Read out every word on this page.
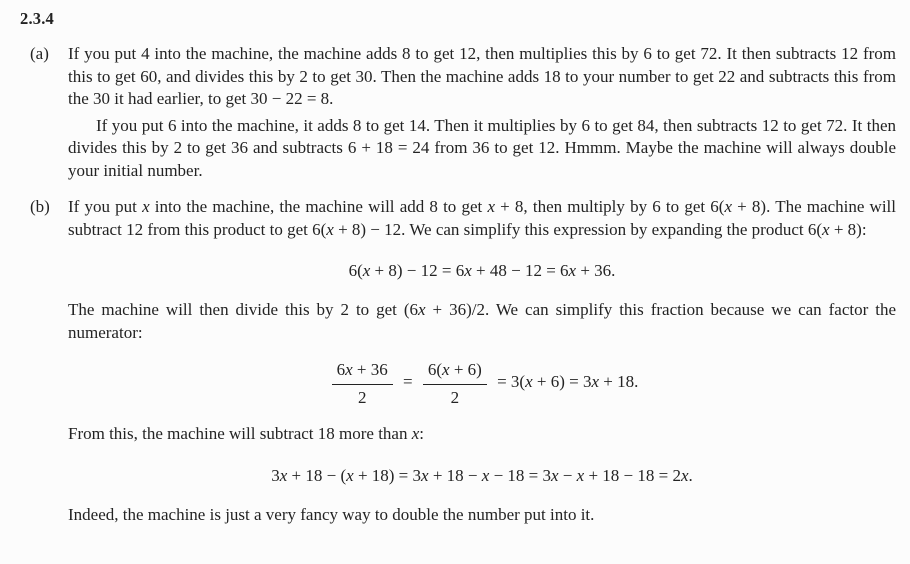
2.3.4
(a)	If you put 4 into the machine, the machine adds 8 to get 12, then multiplies this by 6 to get 72. It then subtracts 12 from this to get 60, and divides this by 2 to get 30. Then the machine adds 18 to your number to get 22 and subtracts this from the 30 it had earlier, to get 30 − 22 = 8.

If you put 6 into the machine, it adds 8 to get 14. Then it multiplies by 6 to get 84, then subtracts 12 to get 72. It then divides this by 2 to get 36 and subtracts 6 + 18 = 24 from 36 to get 12. Hmmm. Maybe the machine will always double your initial number.

(b)	If you put x into the machine, the machine will add 8 to get x + 8, then multiply by 6 to get 6(x + 8). The machine will subtract 12 from this product to get 6(x + 8) − 12. We can simplify this expression by expanding the product 6(x + 8):

6(x + 8) − 12 = 6x + 48 − 12 = 6x + 36.

The machine will then divide this by 2 to get (6x + 36)/2. We can simplify this fraction because we can factor the numerator:

$\frac{6x + 36}{2} = \frac{6(x + 6)}{2} = 3(x + 6) = 3x + 18$.

From this, the machine will subtract 18 more than x:

3x + 18 − (x + 18) = 3x + 18 − x − 18 = 3x − x + 18 − 18 = 2x.

Indeed, the machine is just a very fancy way to double the number put into it.
